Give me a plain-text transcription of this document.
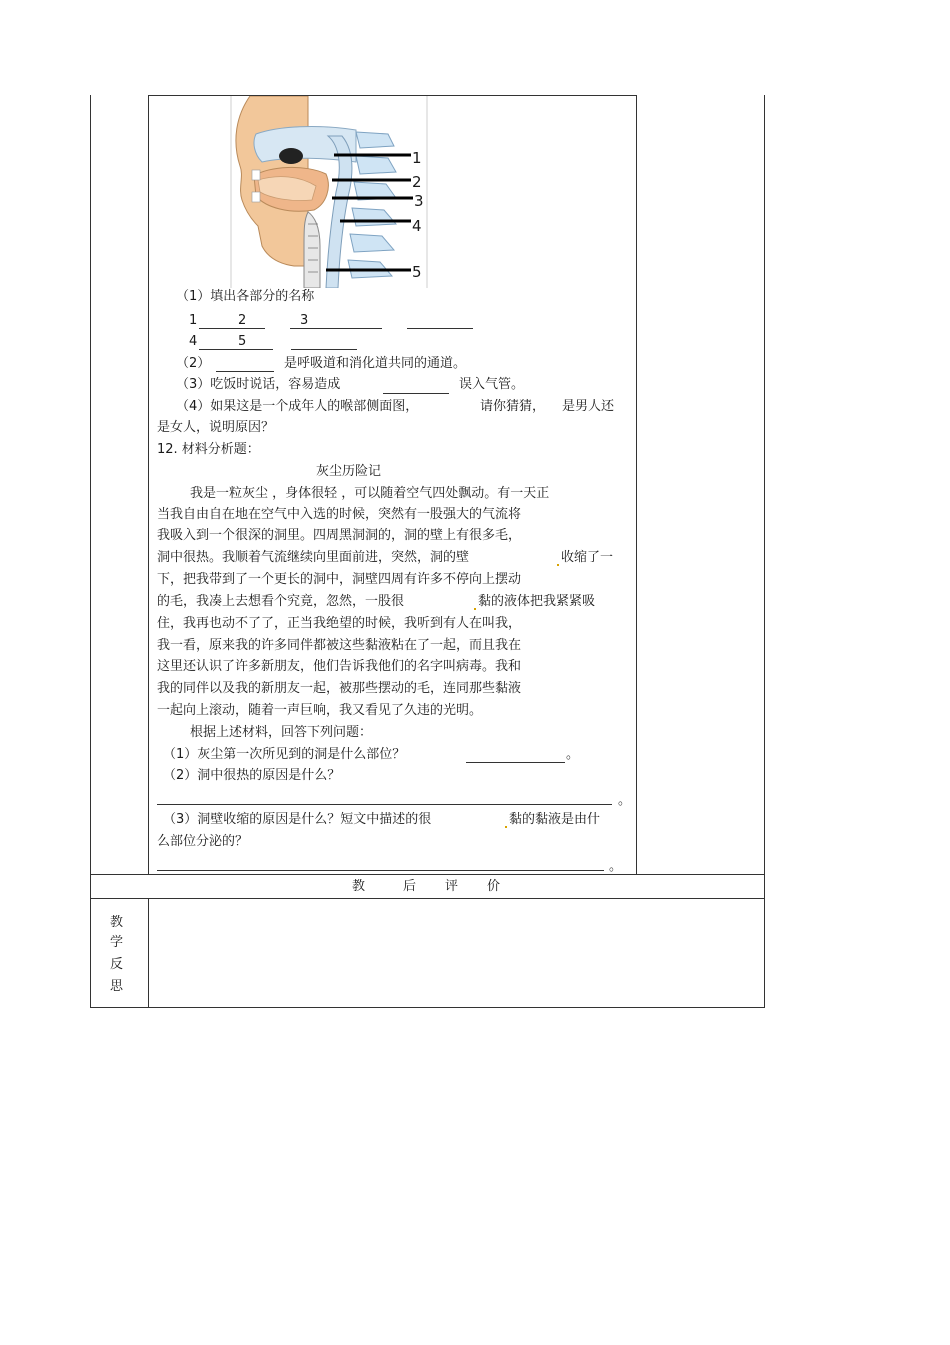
1
2
3
4
5
（1）填出各部分的名称
1	2	3
4	5
（2）	是呼吸道和消化道共同的通道。
（3）吃饭时说话，容易造成	误入气管。
（4）如果这是一个成年人的喉部侧面图，	请你猜猜， 是男人还
是女人，说明原因？
12. 材料分析题：
灰尘历险记
我是一粒灰尘 ，身体很轻 ，可以随着空气四处飘动。有一天正
当我自由自在地在空气中入选的时候，突然有一股强大的气流将
我吸入到一个很深的洞里。四周黑洞洞的，洞的壁上有很多毛，
洞中很热。我顺着气流继续向里面前进，突然，洞的壁	收缩了一
下，把我带到了一个更长的洞中，洞壁四周有许多不停向上摆动
的毛，我凑上去想看个究竟，忽然，一股很	黏的液体把我紧紧吸
住，我再也动不了了，正当我绝望的时候，我听到有人在叫我，
我一看，原来我的许多同伴都被这些黏液粘在了一起，而且我在
这里还认识了许多新朋友，他们告诉我他们的名字叫病毒。我和
我的同伴以及我的新朋友一起，被那些摆动的毛，连同那些黏液
一起向上滚动，随着一声巨响，我又看见了久违的光明。
根据上述材料，回答下列问题：
（1）灰尘第一次所见到的洞是什么部位？	。
（2）洞中很热的原因是什么？
。
（3）洞壁收缩的原因是什么？短文中描述的很	黏的黏液是由什
么部位分泌的？
。
教	后 评 价
教
学
反
思
